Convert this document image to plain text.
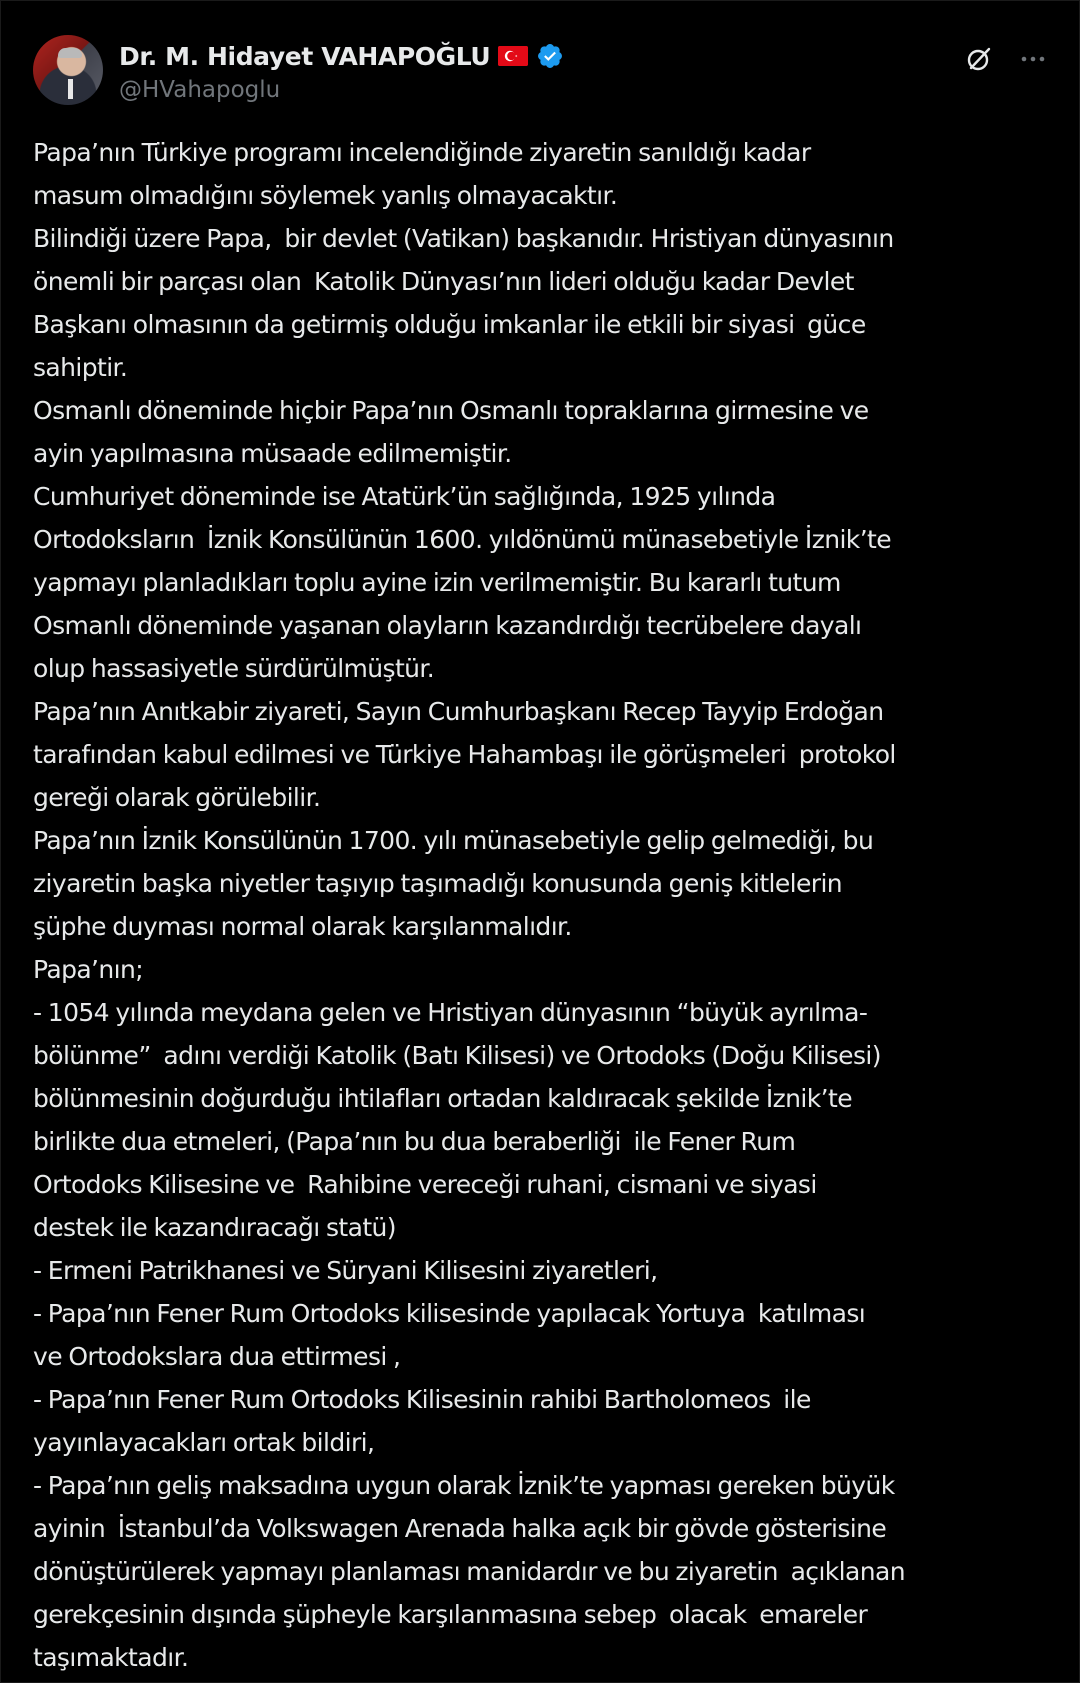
Dr. M. Hidayet VAHAPOĞLU
@HVahapoglu
Papa’nın Türkiye programı incelendiğinde ziyaretin sanıldığı kadar
masum olmadığını söylemek yanlış olmayacaktır.
Bilindiği üzere Papa,  bir devlet (Vatikan) başkanıdır. Hristiyan dünyasının
önemli bir parçası olan  Katolik Dünyası’nın lideri olduğu kadar Devlet
Başkanı olmasının da getirmiş olduğu imkanlar ile etkili bir siyasi  güce
sahiptir.
Osmanlı döneminde hiçbir Papa’nın Osmanlı topraklarına girmesine ve
ayin yapılmasına müsaade edilmemiştir.
Cumhuriyet döneminde ise Atatürk’ün sağlığında, 1925 yılında
Ortodoksların  İznik Konsülünün 1600. yıldönümü münasebetiyle İznik’te
yapmayı planladıkları toplu ayine izin verilmemiştir. Bu kararlı tutum
Osmanlı döneminde yaşanan olayların kazandırdığı tecrübelere dayalı
olup hassasiyetle sürdürülmüştür.
Papa’nın Anıtkabir ziyareti, Sayın Cumhurbaşkanı Recep Tayyip Erdoğan
tarafından kabul edilmesi ve Türkiye Hahambaşı ile görüşmeleri  protokol
gereği olarak görülebilir.
Papa’nın İznik Konsülünün 1700. yılı münasebetiyle gelip gelmediği, bu
ziyaretin başka niyetler taşıyıp taşımadığı konusunda geniş kitlelerin
şüphe duyması normal olarak karşılanmalıdır.
Papa’nın;
- 1054 yılında meydana gelen ve Hristiyan dünyasının “büyük ayrılma-
bölünme”  adını verdiği Katolik (Batı Kilisesi) ve Ortodoks (Doğu Kilisesi)
bölünmesinin doğurduğu ihtilafları ortadan kaldıracak şekilde İznik’te
birlikte dua etmeleri, (Papa’nın bu dua beraberliği  ile Fener Rum
Ortodoks Kilisesine ve  Rahibine vereceği ruhani, cismani ve siyasi
destek ile kazandıracağı statü)
- Ermeni Patrikhanesi ve Süryani Kilisesini ziyaretleri,
- Papa’nın Fener Rum Ortodoks kilisesinde yapılacak Yortuya  katılması
ve Ortodokslara dua ettirmesi ,
- Papa’nın Fener Rum Ortodoks Kilisesinin rahibi Bartholomeos  ile
yayınlayacakları ortak bildiri,
- Papa’nın geliş maksadına uygun olarak İznik’te yapması gereken büyük
ayinin  İstanbul’da Volkswagen Arenada halka açık bir gövde gösterisine
dönüştürülerek yapmayı planlaması manidardır ve bu ziyaretin  açıklanan
gerekçesinin dışında şüpheyle karşılanmasına sebep  olacak  emareler
taşımaktadır.
